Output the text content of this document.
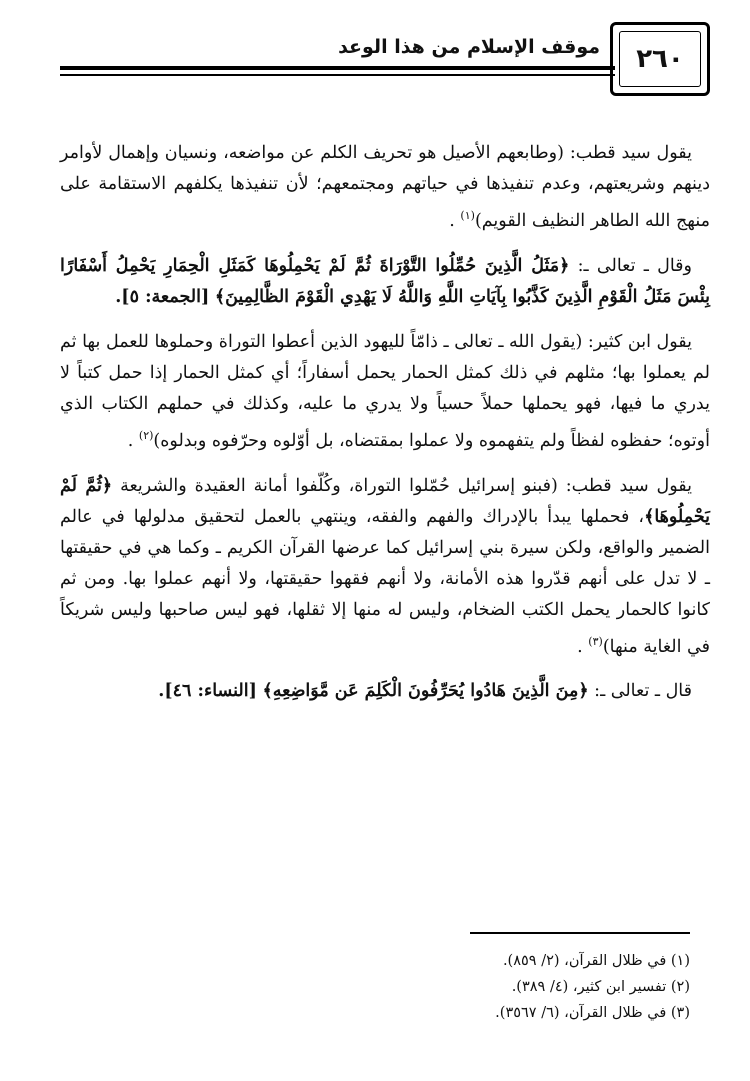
٢٦٠
موقف الإسلام من هذا الوعد

يقول سيد قطب: (وطابعهم الأصيل هو تحريف الكلم عن مواضعه، ونسيان وإهمال لأوامر دينهم وشريعتهم، وعدم تنفيذها في حياتهم ومجتمعهم؛ لأن تنفيذها يكلفهم الاستقامة على منهج الله الطاهر النظيف القويم)$^{(١)}$ .

وقال ـ تعالى ـ: ﴿مَثَلُ الَّذِينَ حُمِّلُوا التَّوْرَاةَ ثُمَّ لَمْ يَحْمِلُوهَا كَمَثَلِ الْحِمَارِ يَحْمِلُ أَسْفَارًا بِئْسَ مَثَلُ الْقَوْمِ الَّذِينَ كَذَّبُوا بِآيَاتِ اللَّهِ وَاللَّهُ لَا يَهْدِي الْقَوْمَ الظَّالِمِينَ﴾ [الجمعة: ٥].

يقول ابن كثير: (يقول الله ـ تعالى ـ ذامّاً لليهود الذين أعطوا التوراة وحملوها للعمل بها ثم لم يعملوا بها؛ مثلهم في ذلك كمثل الحمار يحمل أسفاراً؛ أي كمثل الحمار إذا حمل كتباً لا يدري ما فيها، فهو يحملها حملاً حسياً ولا يدري ما عليه، وكذلك في حملهم الكتاب الذي أوتوه؛ حفظوه لفظاً ولم يتفهموه ولا عملوا بمقتضاه، بل أوّلوه وحرّفوه وبدلوه)$^{(٢)}$ .

يقول سيد قطب: (فبنو إسرائيل حُمّلوا التوراة، وكُلّفوا أمانة العقيدة والشريعة ﴿ثُمَّ لَمْ يَحْمِلُوهَا﴾، فحملها يبدأ بالإدراك والفهم والفقه، وينتهي بالعمل لتحقيق مدلولها في عالم الضمير والواقع، ولكن سيرة بني إسرائيل كما عرضها القرآن الكريم ـ وكما هي في حقيقتها ـ لا تدل على أنهم قدّروا هذه الأمانة، ولا أنهم فقهوا حقيقتها، ولا أنهم عملوا بها. ومن ثم كانوا كالحمار يحمل الكتب الضخام، وليس له منها إلا ثقلها، فهو ليس صاحبها وليس شريكاً في الغاية منها)$^{(٣)}$ .

قال ـ تعالى ـ: ﴿مِنَ الَّذِينَ هَادُوا يُحَرِّفُونَ الْكَلِمَ عَن مَّوَاضِعِهِ﴾ [النساء: ٤٦].

(١) في ظلال القرآن، (٢/ ٨٥٩).

(٢) تفسير ابن كثير، (٤/ ٣٨٩).

(٣) في ظلال القرآن، (٦/ ٣٥٦٧).
